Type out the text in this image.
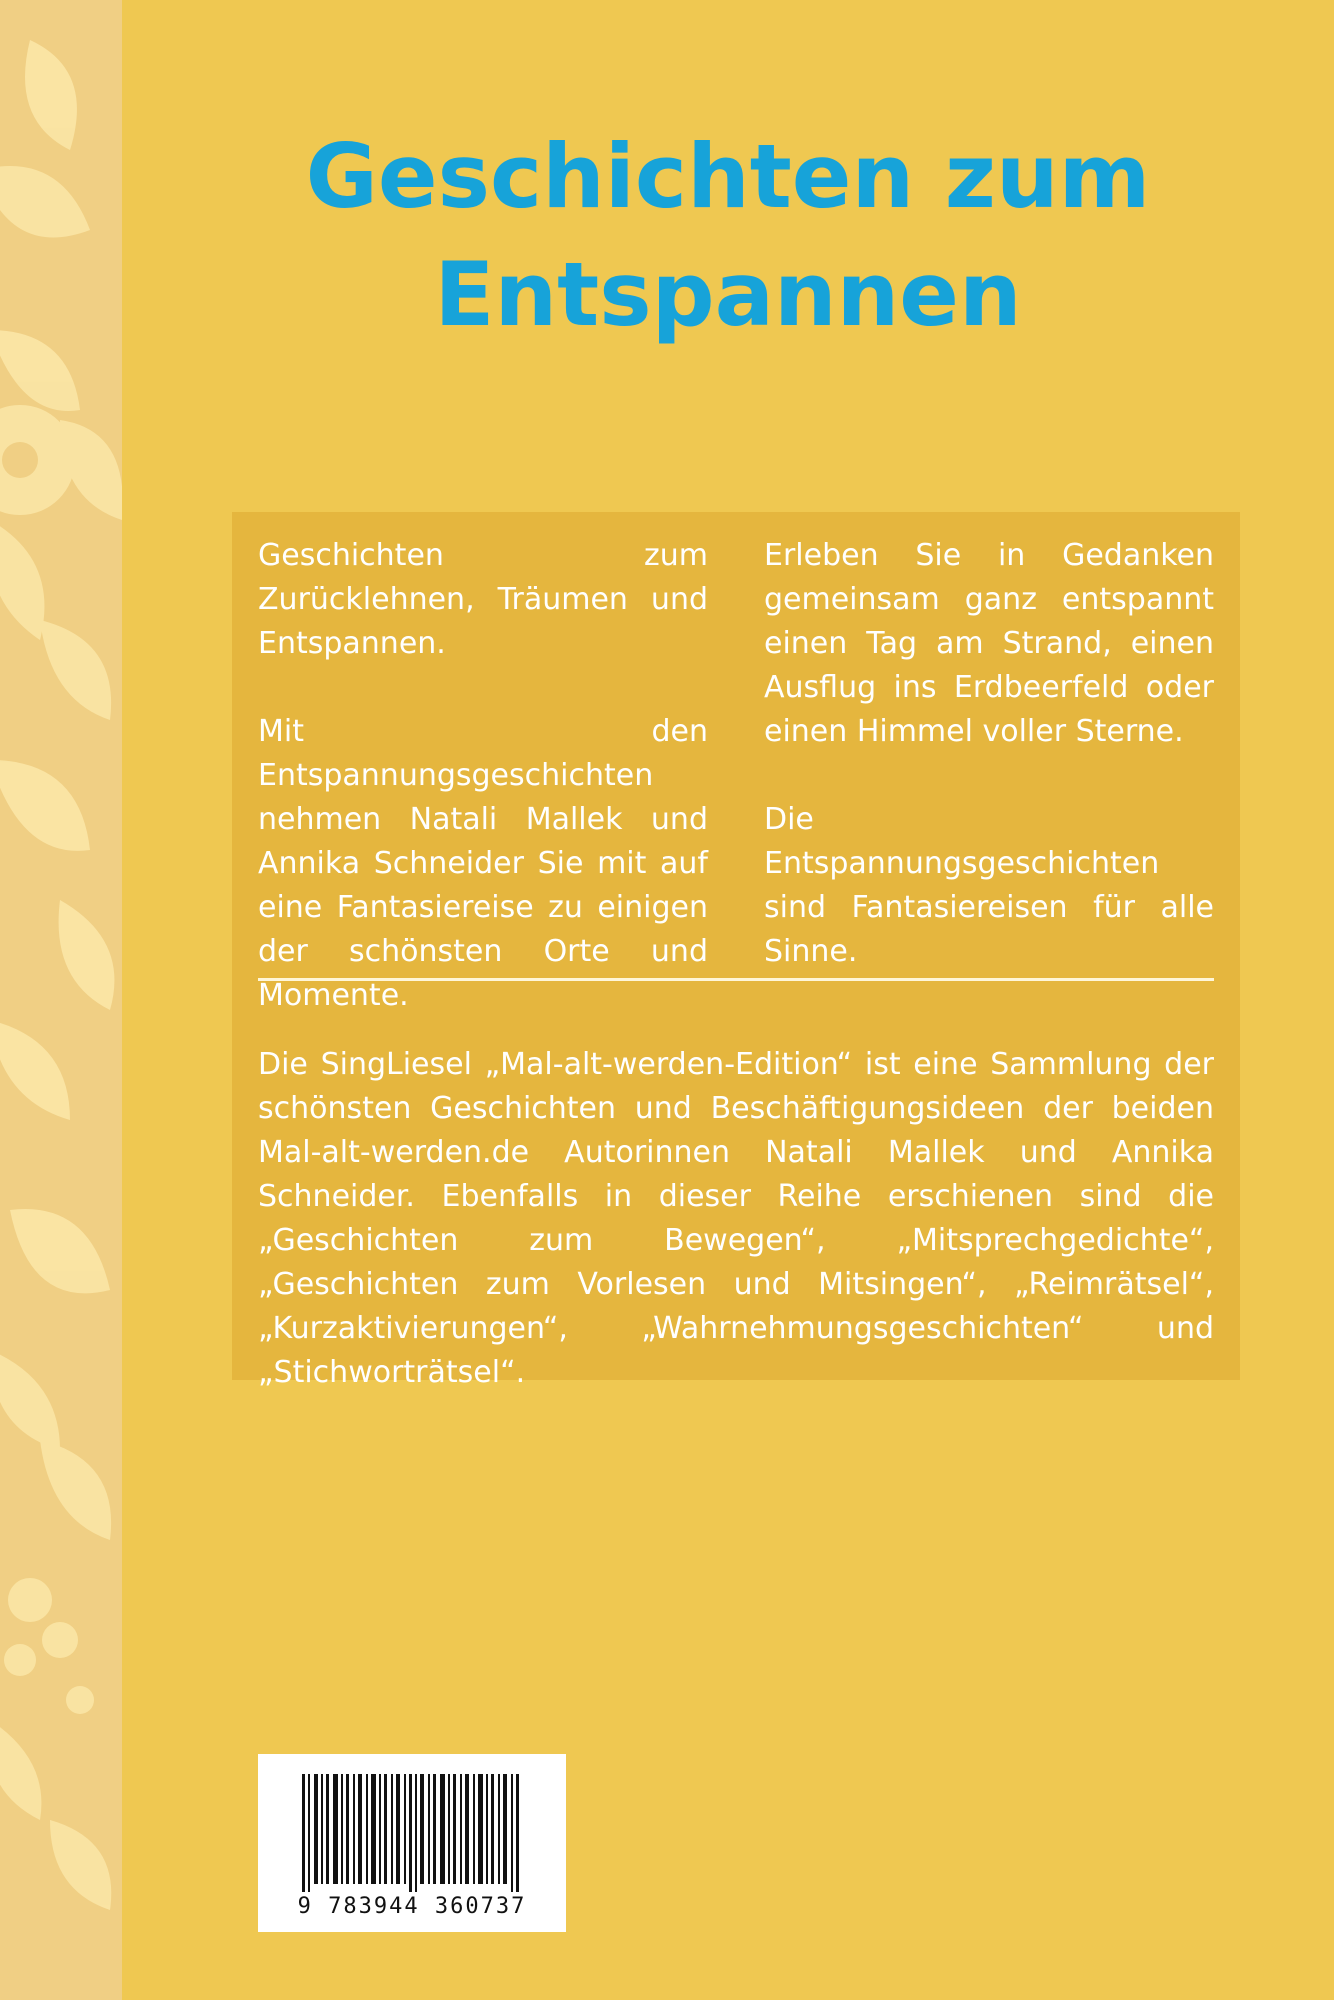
Geschichten zum
Entspannen

Geschichten zum Zurücklehnen, Träumen und Entspannen.

Mit den Entspannungsgeschichten nehmen Natali Mallek und Annika Schneider Sie mit auf eine Fantasiereise zu einigen der schönsten Orte und Momente.

Erleben Sie in Gedanken gemeinsam ganz entspannt einen Tag am Strand, einen Ausflug ins Erdbeerfeld oder einen Himmel voller Sterne.

Die Entspannungsgeschichten sind Fantasiereisen für alle Sinne.

Die SingLiesel „Mal-alt-werden-Edition“ ist eine Sammlung der schönsten Geschichten und Beschäftigungsideen der beiden Mal-alt-werden.de Autorinnen Natali Mallek und Annika Schneider. Ebenfalls in dieser Reihe erschienen sind die „Geschichten zum Bewegen“, „Mitsprechgedichte“, „Geschichten zum Vorlesen und Mitsingen“, „Reimrätsel“, „Kurzaktivierungen“, „Wahrnehmungsgeschichten“ und „Stichworträtsel“.

9 783944 360737
